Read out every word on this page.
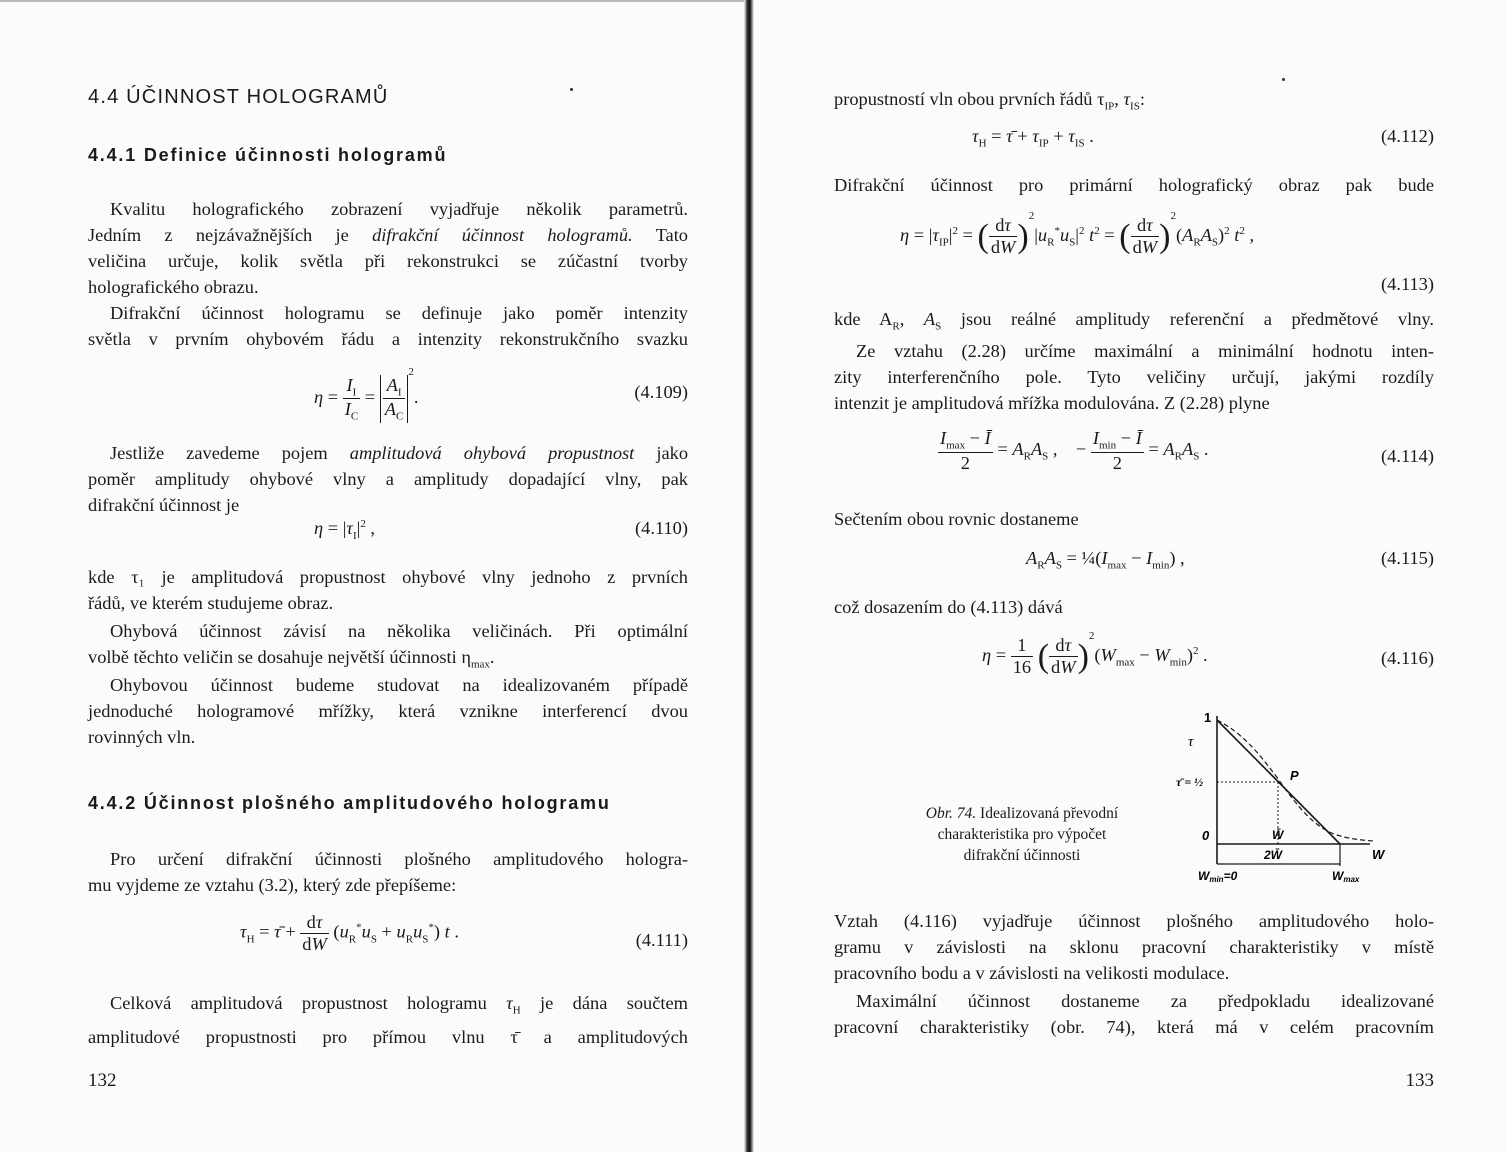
4.4 ÚČINNOST HOLOGRAMŮ
4.4.1 Definice účinnosti hologramů
Kvalitu holografického zobrazení vyjadřuje několik parametrů.
Jedním z nejzávažnějších je difrakční účinnost hologramů. Tato
veličina určuje, kolik světla při rekonstrukci se zúčastní tvorby
holografického obrazu.
Difrakční účinnost hologramu se definuje jako poměr intenzity
světla v prvním ohybovém řádu a intenzity rekonstrukčního svazku
$\eta = \frac{I_I}{I_C} = \frac{A_I}{A_C}$
$^2$.	(4.109)
Jestliže zavedeme pojem amplitudová ohybová propustnost jako
poměr amplitudy ohybové vlny a amplitudy dopadající vlny, pak
difrakční účinnost je
$\eta = |\tau_I|^2$ ,	(4.110)
kde τ₁ je amplitudová propustnost ohybové vlny jednoho z prvních
řádů, ve kterém studujeme obraz.
Ohybová účinnost závisí na několika veličinách. Při optimální
volbě těchto veličin se dosahuje největší účinnosti $\eta_{max}$.
Ohybovou účinnost budeme studovat na idealizovaném případě
jednoduché hologramové mřížky, která vznikne interferencí dvou
rovinných vln.
4.4.2 Účinnost plošného amplitudového hologramu
Pro určení difrakční účinnosti plošného amplitudového hologra-
mu vyjdeme ze vztahu (3.2), který zde přepíšeme:
$\tau_H$ = τ̄ + $\frac{d\tau}{dW} (u_R^*u_S + u_Ru_S^*)$ t .	(4.111)
Celková amplitudová propustnost hologramu $\tau_H$ je dána součtem
amplitudové propustnosti pro přímou vlnu τ̄ a amplitudových
132
propustností vln obou prvních řádů $\tau_{IP}$, $\tau_{IS}$:
$\tau_H$ = τ̄ + $\tau_{IP} + \tau_{IS}$ .	(4.112)
Difrakční účinnost pro primární holografický obraz pak bude
$\eta = |\tau_{IP}|^2$ = ( $\frac{d\tau}{dW} )^2|u_R^*u_S|^2$ $t^2$ = ( $\frac{d\tau}{dW} )^2(A_RA_S)^2$ $t^2$ ,
(4.113)
kde $A_R$, $A_S$ jsou reálné amplitudy referenční a předmětové vlny.
Ze vztahu (2.28) určíme maximální a minimální hodnotu inten-
zity interferenčního pole. Tyto veličiny určují, jakými rozdíly
intenzit je amplitudová mřížka modulována. Z (2.28) plyne
$\frac{I_{max} - Ī}{2} = A_RA_S$ ,    − $\frac{I_{min} - Ī}{2} = A_RA_S$ .	(4.114)
Sečtením obou rovnic dostaneme
$A_RA_S$ = $\frac{1}{4}(I_{max} - I_{min})$ ,	(4.115)
což dosazením do (4.113) dává
$\eta = \frac{1}{16}$ ( $\frac{d\tau}{dW} )^2(W_{max} - W_{min})^2$ .	(4.116)
Obr. 74. Idealizovaná převodní
charakteristika pro výpočet
difrakční účinnosti
1
τ
τ̄ = ½	P
0	W̄
2W̄	W
Wmin=0	Wmax
Vztah (4.116) vyjadřuje účinnost plošného amplitudového holo-
gramu v závislosti na sklonu pracovní charakteristiky v místě
pracovního bodu a v závislosti na velikosti modulace.
Maximální účinnost dostaneme za předpokladu idealizované
pracovní charakteristiky (obr. 74), která má v celém pracovním
133
